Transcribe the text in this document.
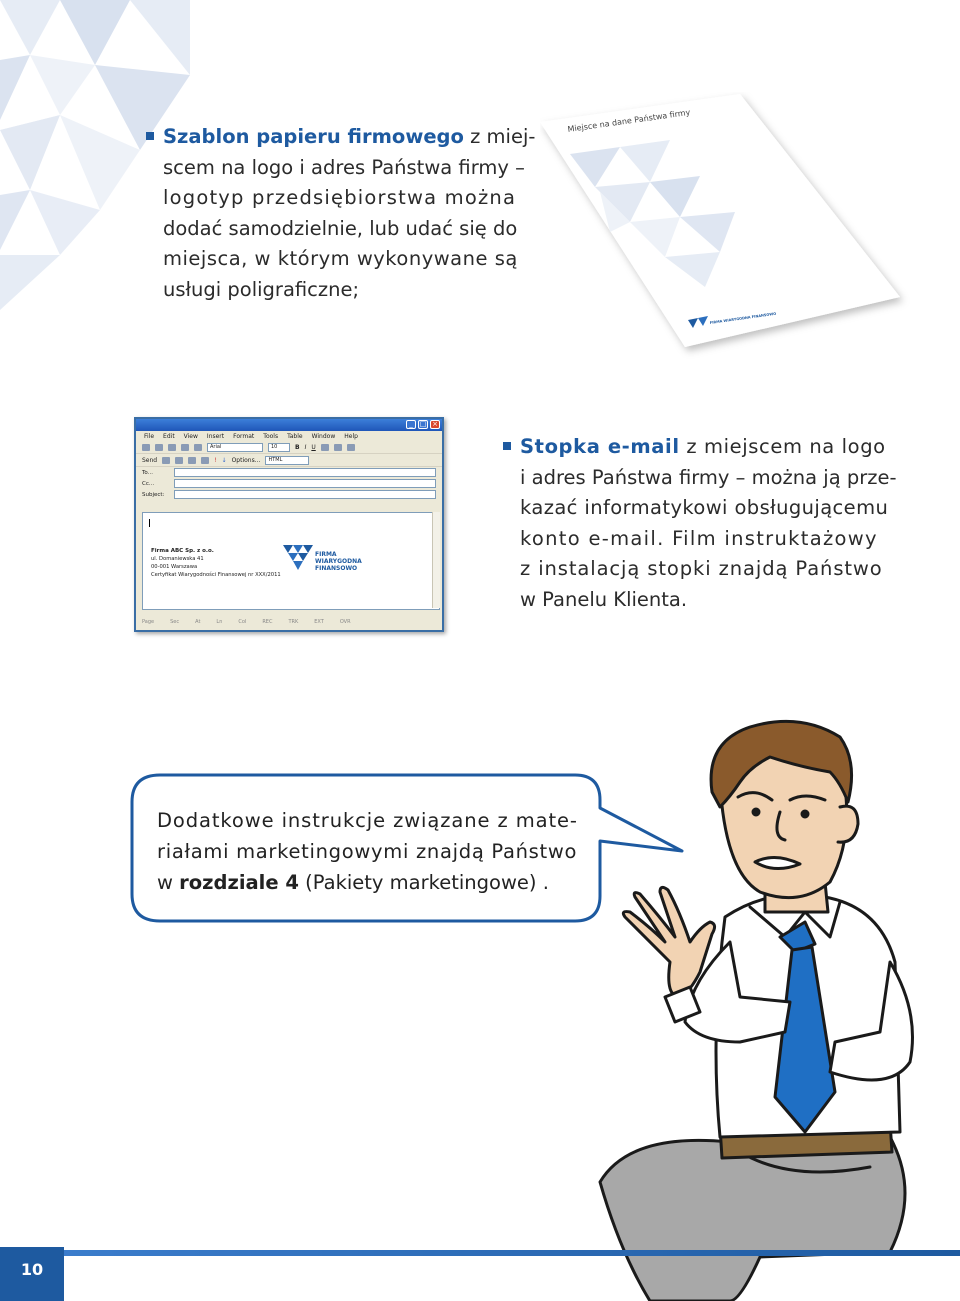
Szablon papieru firmowego z miej-
scem na logo i adres Państwa firmy –
logotyp przedsiębiorstwa można
dodać samodzielnie, lub udać się do
miejsca, w którym wykonywane są
usługi poligraficzne;
Miejsce na dane Państwa firmy
FIRMA WIARYGODNA FINANSOWO
_ □ ×
File Edit View Insert Format Tools Table Window Help
Arial	10	B I U
Send	! ↓ Options...	HTML
To...
Cc...
Subject:
Firma ABC Sp. z o.o.
ul. Domaniewska 41
00-001 Warszawa
Certyfikat Wiarygodności Finansowej nr XXX/2011
FIRMA
WIARYGODNA
FINANSOWO
Page	Sec	At	Ln	Col	REC	TRK	EXT	OVR
Stopka e-mail z miejscem na logo
i adres Państwa firmy – można ją prze-
kazać informatykowi obsługującemu
konto e-mail. Film instruktażowy
z instalacją stopki znajdą Państwo
w Panelu Klienta.
Dodatkowe instrukcje związane z mate-
riałami marketingowymi znajdą Państwo
w rozdziale 4 (Pakiety marketingowe) .
10
